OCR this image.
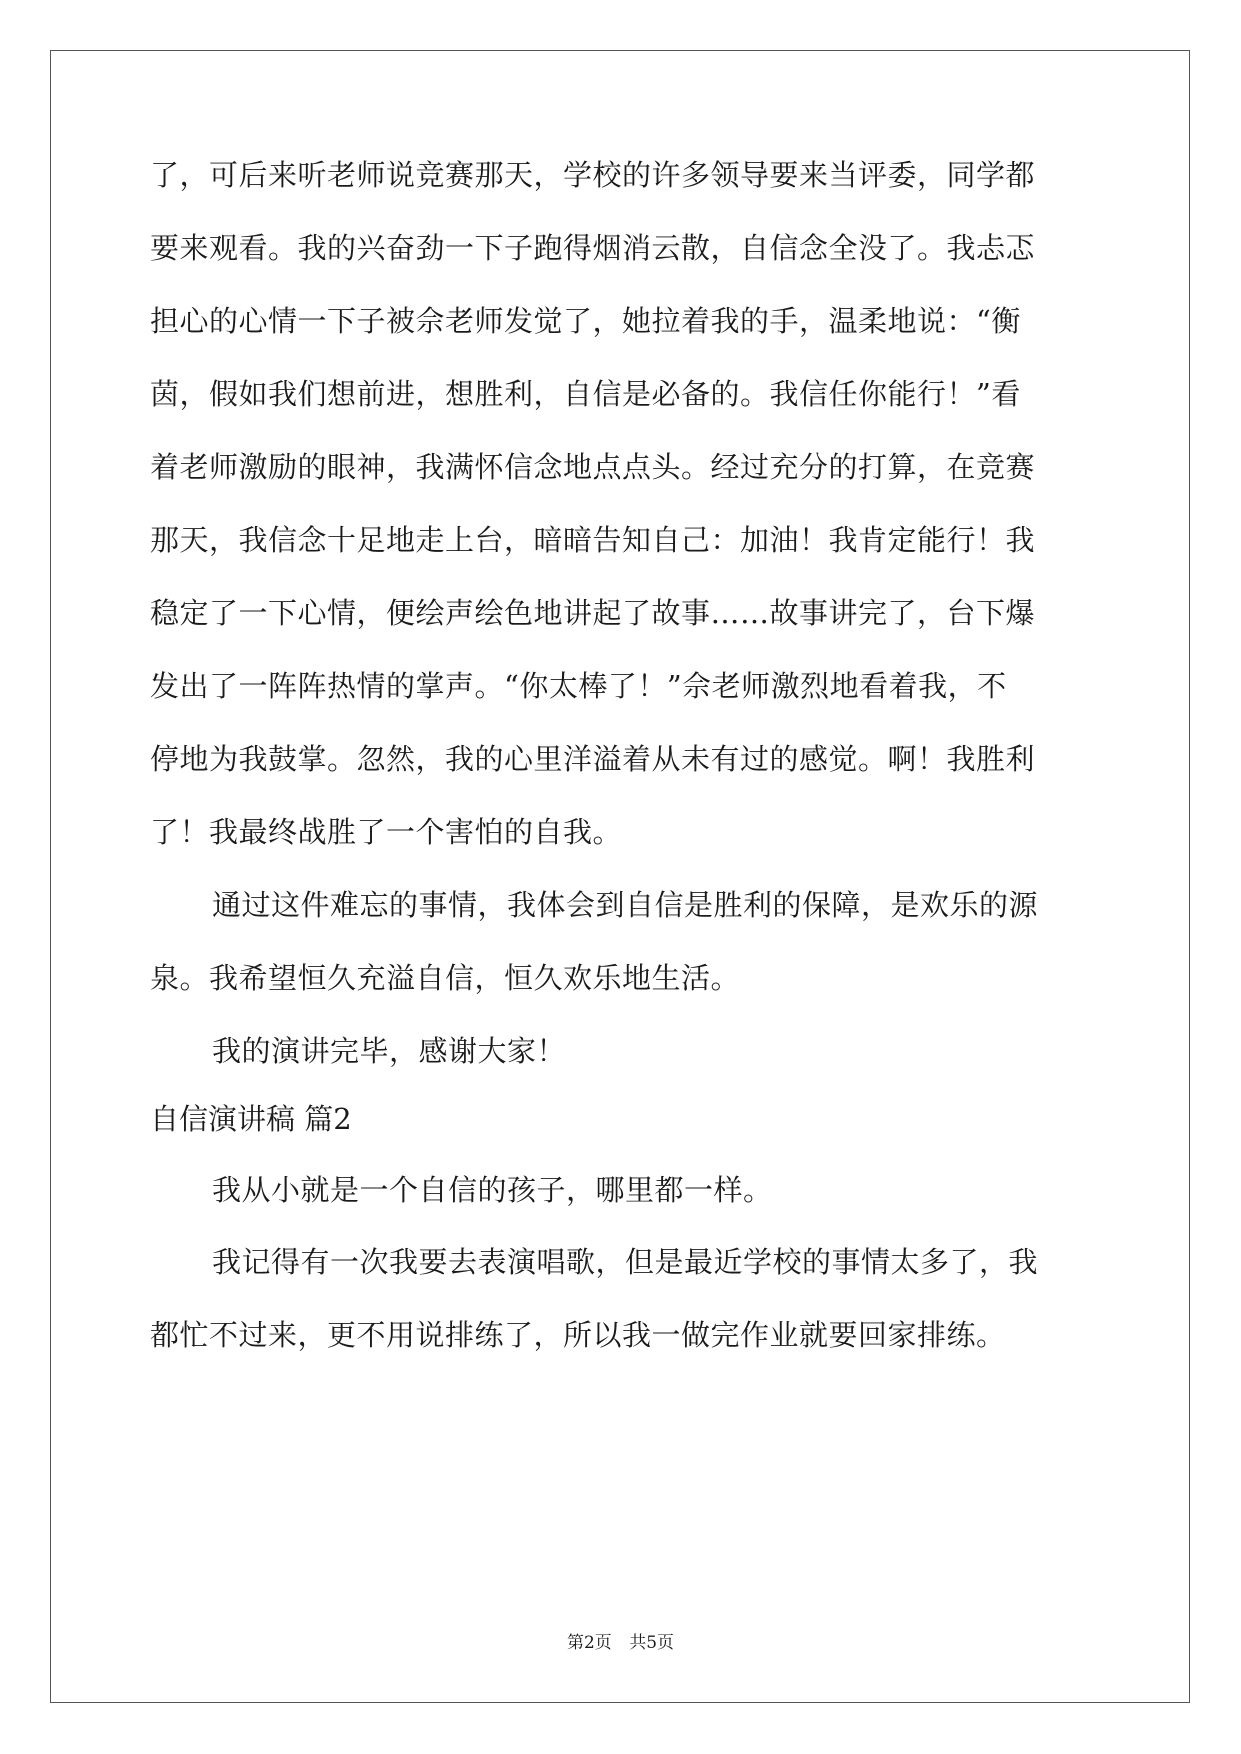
了，可后来听老师说竞赛那天，学校的许多领导要来当评委，同学都
要来观看。我的兴奋劲一下子跑得烟消云散，自信念全没了。我忐忑
担心的心情一下子被佘老师发觉了，她拉着我的手，温柔地说：“衡
茵，假如我们想前进，想胜利，自信是必备的。我信任你能行！”看
着老师激励的眼神，我满怀信念地点点头。经过充分的打算，在竞赛
那天，我信念十足地走上台，暗暗告知自己：加油！我肯定能行！我
稳定了一下心情，便绘声绘色地讲起了故事……故事讲完了，台下爆
发出了一阵阵热情的掌声。“你太棒了！”佘老师激烈地看着我，不
停地为我鼓掌。忽然，我的心里洋溢着从未有过的感觉。啊！我胜利
了！我最终战胜了一个害怕的自我。
通过这件难忘的事情，我体会到自信是胜利的保障，是欢乐的源
泉。我希望恒久充溢自信，恒久欢乐地生活。
我的演讲完毕，感谢大家！
自信演讲稿 篇2
我从小就是一个自信的孩子，哪里都一样。
我记得有一次我要去表演唱歌，但是最近学校的事情太多了，我
都忙不过来，更不用说排练了，所以我一做完作业就要回家排练。
第2页 共5页
